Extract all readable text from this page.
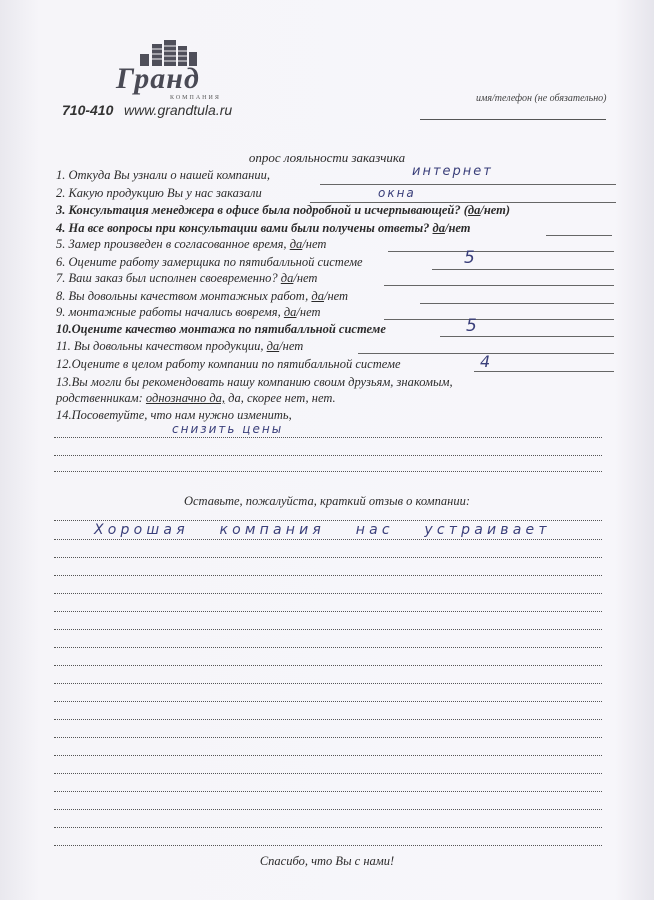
Гранд
КОМПАНИЯ
710-410 www.grandtula.ru
имя/телефон (не обязательно)
опрос лояльности заказчика
1. Откуда Вы узнали о нашей компании,	интернет
2. Какую продукцию Вы у нас заказали	окна
3. Консультация менеджера в офисе была подробной и исчерпывающей? (да/нет)
4. На все вопросы при консультации вами были получены ответы? да/нет
5. Замер произведен в согласованное время, да/нет
6. Оцените работу замерщика по пятибалльной системе	5
7. Ваш заказ был исполнен своевременно? да/нет
8. Вы довольны качеством монтажных работ, да/нет
9. монтажные работы начались вовремя, да/нет
10.Оцените качество монтажа по пятибалльной системе	5
11. Вы довольны качеством продукции, да/нет
12.Оцените в целом работу компании по пятибалльной системе	4
13.Вы могли бы рекомендовать нашу компанию своим друзьям, знакомым,
родственникам: однозначно да, да, скорее нет, нет.
14.Посоветуйте, что нам нужно изменить,
снизить цены
Оставьте, пожалуйста, краткий отзыв о компании:
Хорошая компания нас устраивает
Спасибо, что Вы с нами!
